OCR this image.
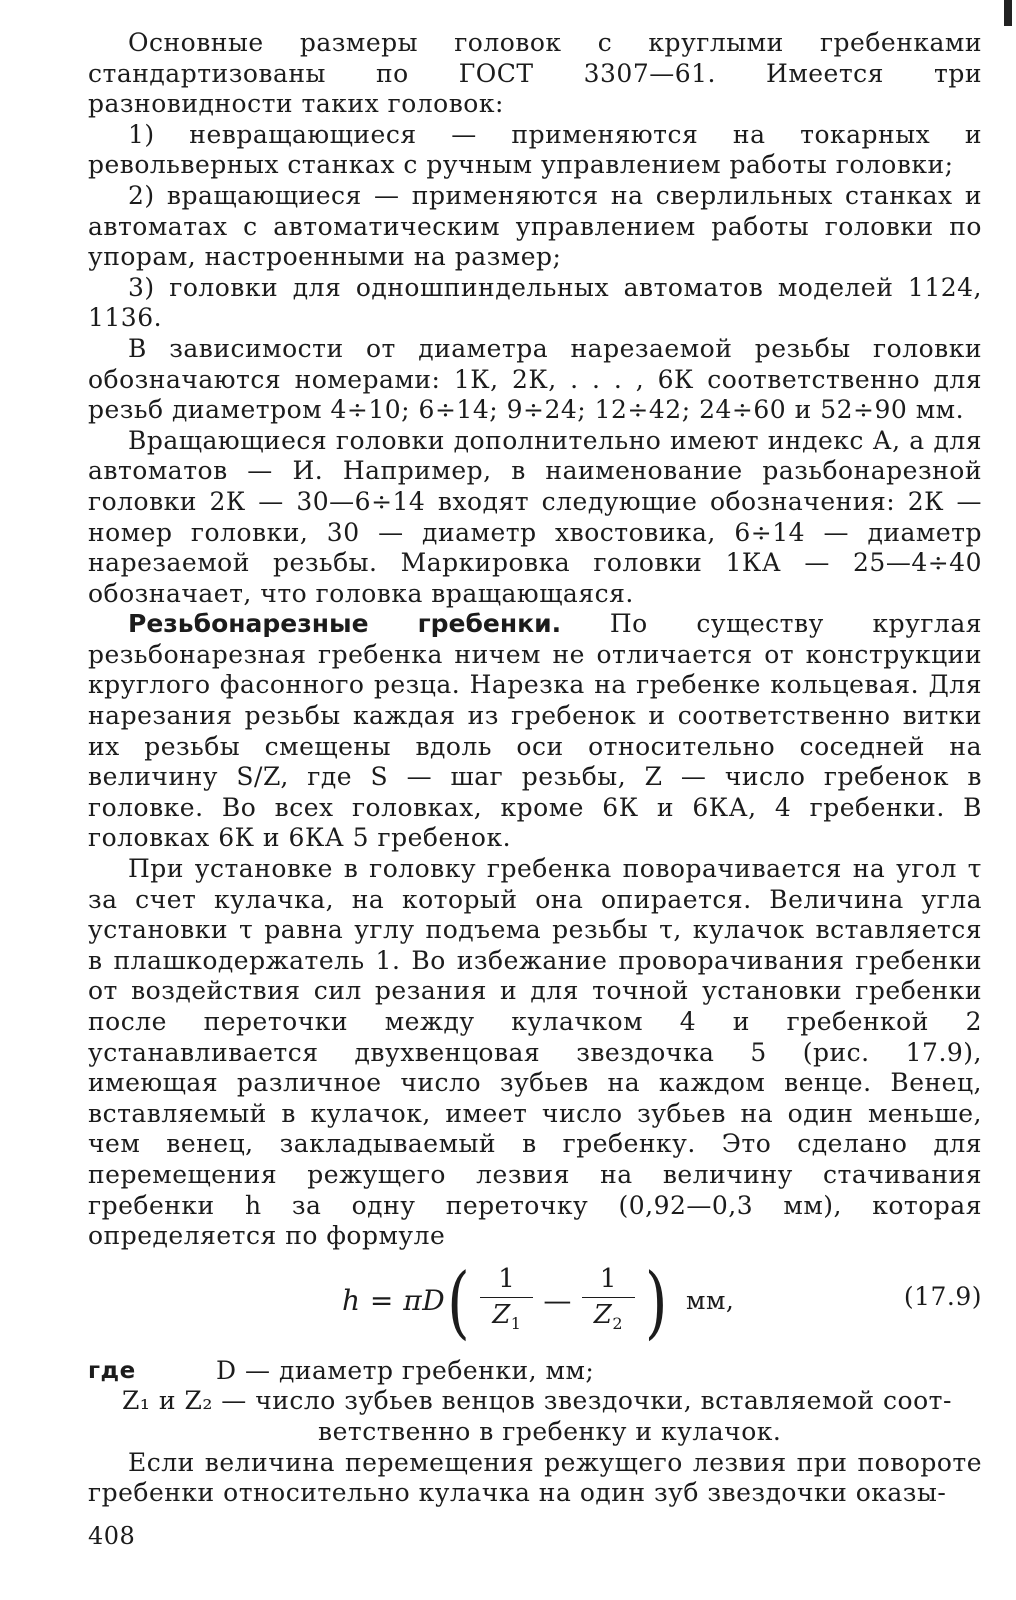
Основные размеры головок с круглыми гребенками стандартизованы по ГОСТ 3307—61. Имеется три разновидности таких головок:

1) невращающиеся — применяются на токарных и револьверных станках с ручным управлением работы головки;

2) вращающиеся — применяются на сверлильных станках и автоматах с автоматическим управлением работы головки по упорам, настроенными на размер;

3) головки для одношпиндельных автоматов моделей 1124, 1136.

В зависимости от диаметра нарезаемой резьбы головки обозначаются номерами: 1К, 2К, . . . , 6К соответственно для резьб диаметром 4÷10; 6÷14; 9÷24; 12÷42; 24÷60 и 52÷90 мм.

Вращающиеся головки дополнительно имеют индекс А, а для автоматов — И. Например, в наименование разьбонарезной головки 2К — 30—6÷14 входят следующие обозначения: 2К — номер головки, 30 — диаметр хвостовика, 6÷14 — диаметр нарезаемой резьбы. Маркировка головки 1КА — 25—4÷40 обозначает, что головка вращающаяся.

Резьбонарезные гребенки. По существу круглая резьбонарезная гребенка ничем не отличается от конструкции круглого фасонного резца. Нарезка на гребенке кольцевая. Для нарезания резьбы каждая из гребенок и соответственно витки их резьбы смещены вдоль оси относительно соседней на величину S/Z, где S — шаг резьбы, Z — число гребенок в головке. Во всех головках, кроме 6К и 6КА, 4 гребенки. В головках 6К и 6КА 5 гребенок.

При установке в головку гребенка поворачивается на угол τ за счет кулачка, на который она опирается. Величина угла установки τ равна углу подъема резьбы τ, кулачок вставляется в плашкодержатель 1. Во избежание проворачивания гребенки от воздействия сил резания и для точной установки гребенки после переточки между кулачком 4 и гребенкой 2 устанавливается двухвенцовая звездочка 5 (рис. 17.9), имеющая различное число зубьев на каждом венце. Венец, вставляемый в кулачок, имеет число зубьев на один меньше, чем венец, закладываемый в гребенку. Это сделано для перемещения режущего лезвия на величину стачивания гребенки h за одну переточку (0,92—0,3 мм), которая определяется по формуле

h = πD ( $\frac{1}{Z_1}$ — $\frac{1}{Z_2}$ ) мм,	(17.9)
где	D — диаметр гребенки, мм;
Z₁ и Z₂ — число зубьев венцов звездочки, вставляемой соот-
ветственно в гребенку и кулачок.

Если величина перемещения режущего лезвия при повороте гребенки относительно кулачка на один зуб звездочки оказы-

408
